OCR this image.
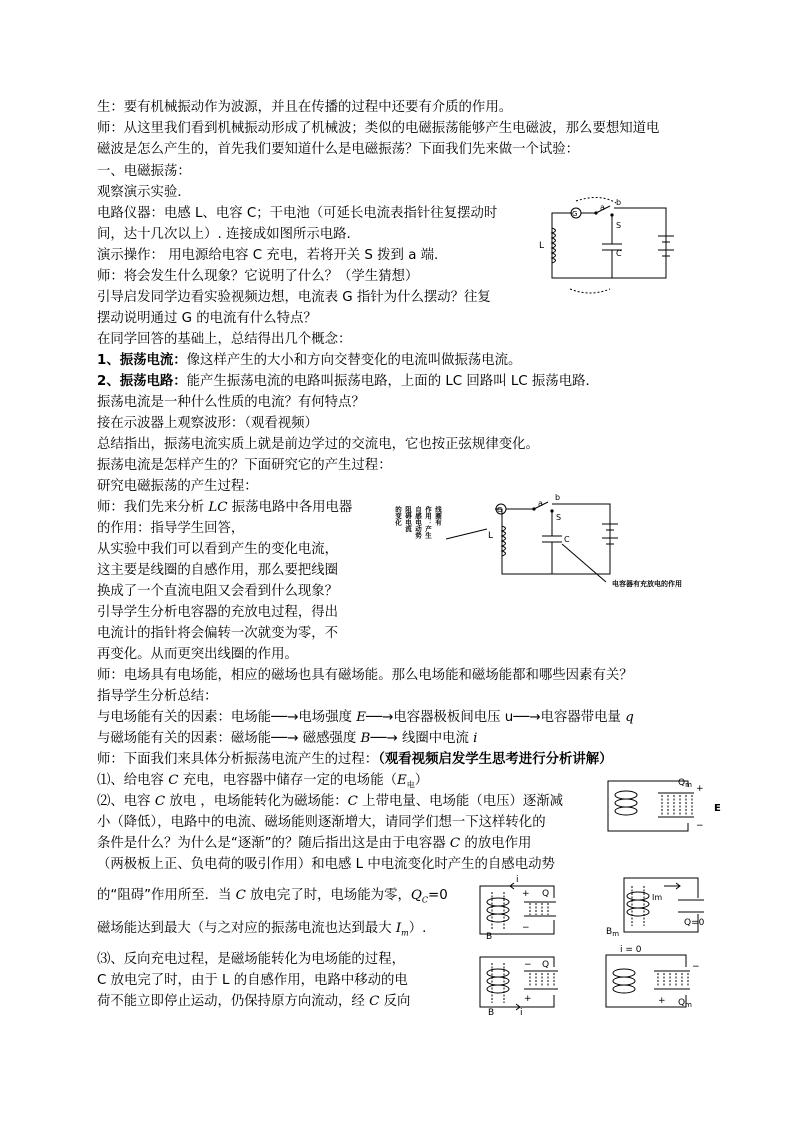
生：要有机械振动作为波源，并且在传播的过程中还要有介质的作用。
师：从这里我们看到机械振动形成了机械波；类似的电磁振荡能够产生电磁波，那么要想知道电
磁波是怎么产生的，首先我们要知道什么是电磁振荡？下面我们先来做一个试验：
一、电磁振荡：
观察演示实验．
电路仪器：电感 L、电容 C；干电池（可延长电流表指针往复摆动时
间，达十几次以上）. 连接成如图所示电路.
演示操作： 用电源给电容 C 充电，若将开关 S 拨到 a 端.
师：将会发生什么现象？它说明了什么？（学生猜想）
引导启发同学边看实验视频边想，电流表 G 指针为什么摆动？往复
摆动说明通过 G 的电流有什么特点？
在同学回答的基础上，总结得出几个概念：
1、振荡电流：像这样产生的大小和方向交替变化的电流叫做振荡电流。
2、振荡电路：能产生振荡电流的电路叫振荡电路，上面的 LC 回路叫 LC 振荡电路．
振荡电流是一种什么性质的电流？有何特点？
接在示波器上观察波形：（观看视频）
总结指出，振荡电流实质上就是前边学过的交流电，它也按正弦规律变化。
振荡电流是怎样产生的？下面研究它的产生过程：
研究电磁振荡的产生过程：
师：我们先来分析 LC 振荡电路中各用电器
的作用：指导学生回答，
从实验中我们可以看到产生的变化电流，
这主要是线圈的自感作用，那么要把线圈
换成了一个直流电阻又会看到什么现象？
引导学生分析电容器的充放电过程，得出
电流计的指针将会偏转一次就变为零，不
再变化。从而更突出线圈的作用。
师：电场具有电场能，相应的磁场也具有磁场能。那么电场能和磁场能都和哪些因素有关？
指导学生分析总结：
与电场能有关的因素：电场能──→电场强度 E──→电容器极板间电压 u──→电容器带电量 q
与磁场能有关的因素：磁场能──→ 磁感强度 B──→ 线圈中电流 i
师：下面我们来具体分析振荡电流产生的过程：（观看视频启发学生思考进行分析讲解）
⑴、给电容 C 充电，电容器中储存一定的电场能$(E_电)$
⑵、电容 C 放电 ，电场能转化为磁场能：C 上带电量、电场能（电压）逐渐减
小（降低），电路中的电流、磁场能则逐渐增大，请同学们想一下这样转化的
条件是什么？为什么是“逐渐”的？随后指出这是由于电容器 C 的放电作用
（两极板上正、负电荷的吸引作用）和电感 L 中电流变化时产生的自感电动势
的“阻碍”作用所至．当 C 放电完了时，电场能为零，$Q_C=0$
磁场能达到最大（与之对应的振荡电流也达到最大 $I_m$）.
⑶、反向充电过程，是磁场能转化为电场能的过程，
C 放电完了时，由于 L 的自感作用，电路中移动的电
荷不能立即停止运动，仍保持原方向流动，经 C 反向
G
a
b
S
L
C
的变化 阻碍电流 自感电动势 作用：产生 线圈有	G
a
b
S
L	C
电容器有充放电的作用
$Q_m$ +
−
E
i
Q
+
−
B
Im
$B_m$
Q=0
Q
−
+
B	i
i = 0
−
+ $Q_m$
